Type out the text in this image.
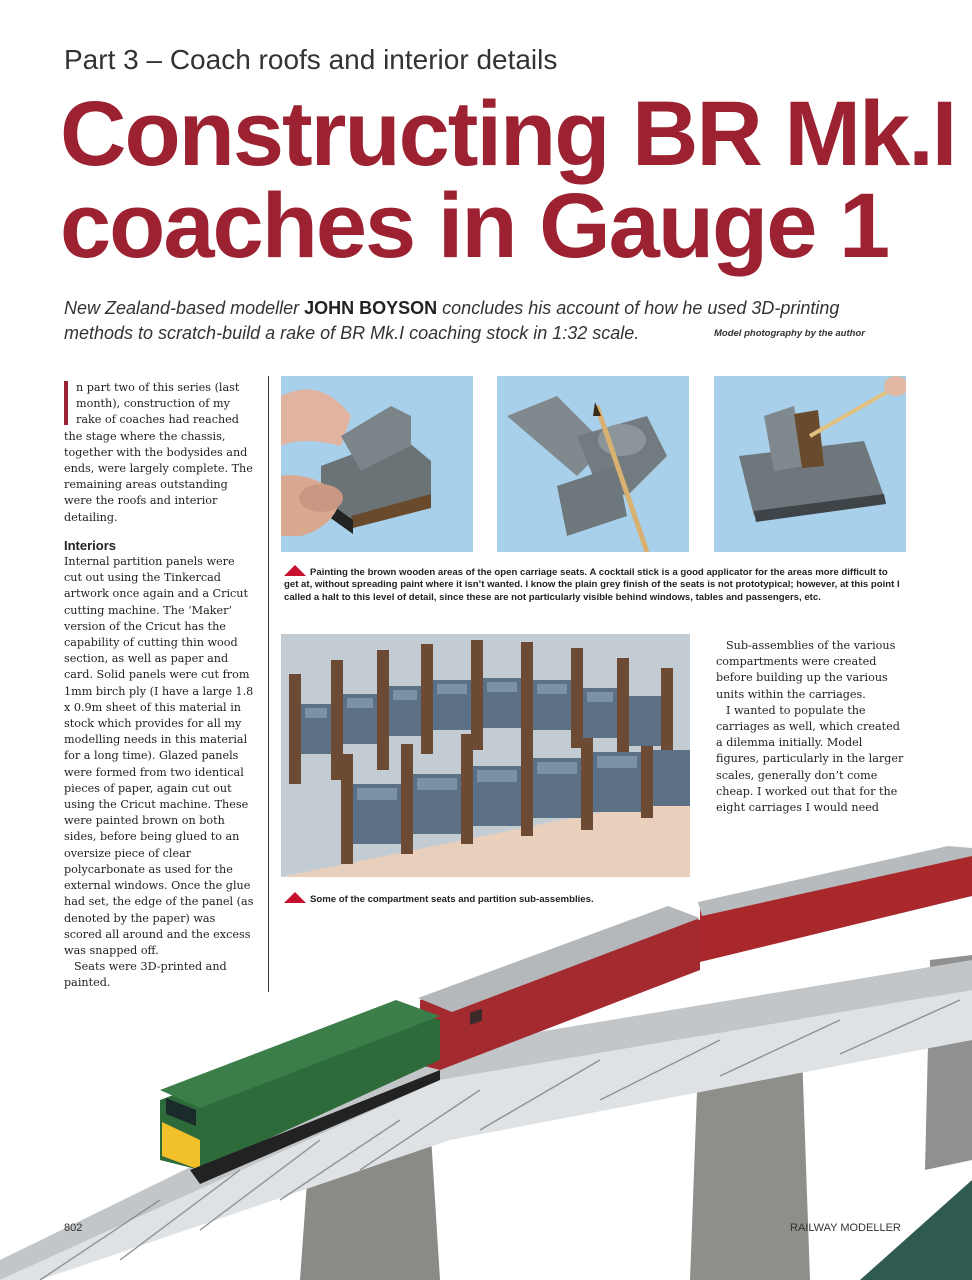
Part 3 – Coach roofs and interior details
Constructing BR Mk.I
coaches in Gauge 1
New Zealand-based modeller JOHN BOYSON concludes his account of how he used 3D-printing methods to scratch-build a rake of BR Mk.I coaching stock in 1:32 scale.	Model photography by the author

n part two of this series (last month), construction of my rake of coaches had reached the stage where the chassis, together with the bodysides and ends, were largely complete. The remaining areas outstanding were the roofs and interior detailing.

Interiors

Internal partition panels were cut out using the Tinkercad artwork once again and a Cricut cutting machine. The ‘Maker’ version of the Cricut has the capability of cutting thin wood section, as well as paper and card. Solid panels were cut from 1mm birch ply (I have a large 1.8 x 0.9m sheet of this material in stock which provides for all my modelling needs in this material for a long time). Glazed panels were formed from two identical pieces of paper, again cut out using the Cricut machine. These were painted brown on both sides, before being glued to an oversize piece of clear polycarbonate as used for the external windows. Once the glue had set, the edge of the panel (as denoted by the paper) was scored all around and the excess was snapped off.

Seats were 3D-printed and painted.

Painting the brown wooden areas of the open carriage seats. A cocktail stick is a good applicator for the areas more difficult to get at, without spreading paint where it isn’t wanted. I know the plain grey finish of the seats is not prototypical; however, at this point I called a halt to this level of detail, since these are not particularly visible behind windows, tables and passengers, etc.
Some of the compartment seats and partition sub-assemblies.

Sub-assemblies of the various compartments were created before building up the various units within the carriages.

I wanted to populate the carriages as well, which created a dilemma initially. Model figures, particularly in the larger scales, generally don’t come cheap. I worked out that for the eight carriages I would need

802	RAILWAY MODELLER
